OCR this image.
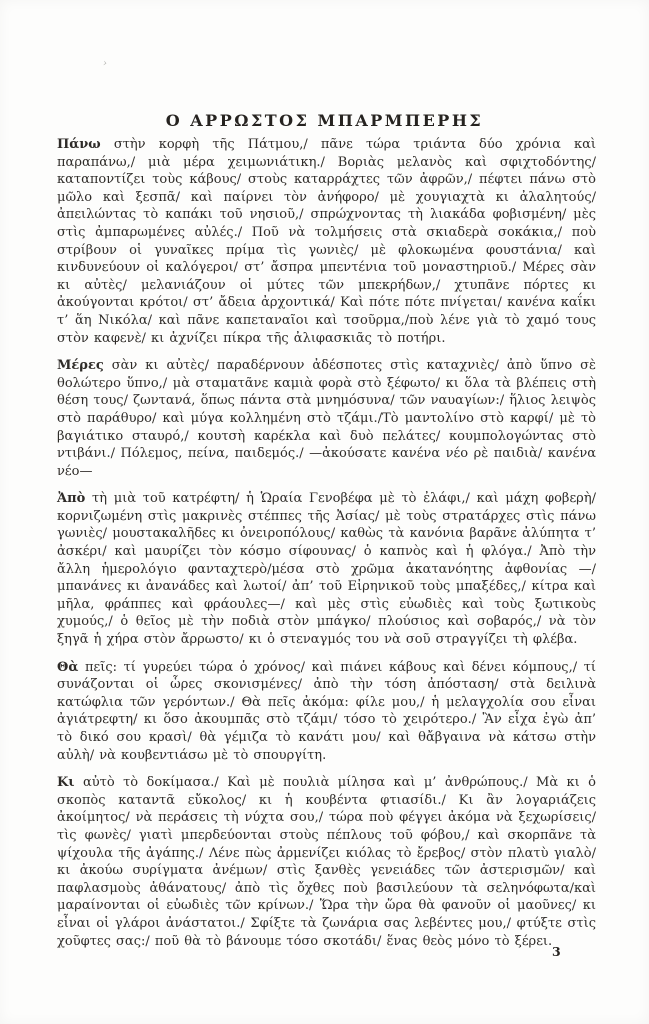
›
Ο ΑΡΡΩΣΤΟΣ ΜΠΑΡΜΠΕΡΗΣ

Πάνω στὴν κορφὴ τῆς Πάτμου,/ πᾶνε τώρα τριάντα δύο χρόνια καὶ παραπάνω,/ μιὰ μέρα χειμωνιάτικη./ Βοριὰς μελανὸς καὶ σφιχτοδόντης/ καταποντίζει τοὺς κάβους/ στοὺς καταρράχτες τῶν ἀφρῶν,/ πέφτει πάνω στὸ μῶλο καὶ ξεσπᾶ/ καὶ παίρνει τὸν ἀνήφορο/ μὲ χουγιαχτὰ κι ἀλαλητούς/ ἀπειλώντας τὸ καπάκι τοῦ νησιοῦ,/ σπρώχνοντας τὴ λιακάδα φοβισμένη/ μὲς στὶς ἀμπαρωμένες αὐλές./ Ποῦ νὰ τολμήσεις στὰ σκιαδερὰ σοκάκια,/ ποὺ στρίβουν οἱ γυναῖκες πρίμα τὶς γωνιὲς/ μὲ φλοκωμένα φουστάνια/ καὶ κινδυνεύουν οἱ καλόγεροι/ στ’ ἄσπρα μπεντένια τοῦ μοναστηριοῦ./ Μέρες σὰν κι αὐτὲς/ μελανιάζουν οἱ μύτες τῶν μπεκρήδων,/ χτυπᾶνε πόρτες κι ἀκούγονται κρότοι/ στ’ ἄδεια ἀρχοντικά/ Καὶ πότε πότε πνίγεται/ κανένα καΐκι τ’ ἅη Νικόλα/ καὶ πᾶνε καπεταναῖοι καὶ τσοῦρμα,/ποὺ λένε γιὰ τὸ χαμό τους στὸν καφενὲ/ κι ἀχνίζει πίκρα τῆς ἀλιφασκιᾶς τὸ ποτήρι.

Μέρες σὰν κι αὐτὲς/ παραδέρνουν ἀδέσποτες στὶς καταχνιὲς/ ἀπὸ ὕπνο σὲ θολώτερο ὕπνο,/ μὰ σταματᾶνε καμιὰ φορὰ στὸ ξέφωτο/ κι ὅλα τὰ βλέπεις στὴ θέση τους/ ζωντανά, ὅπως πάντα στὰ μνημόσυνα/ τῶν ναυαγίων:/ ἥλιος λειψὸς στὸ παράθυρο/ καὶ μύγα κολλημένη στὸ τζάμι./Τὸ μαντολίνο στὸ καρφί/ μὲ τὸ βαγιάτικο σταυρό,/ κουτσὴ καρέκλα καὶ δυὸ πελάτες/ κουμπολογώντας στὸ ντιβάνι./ Πόλεμος, πείνα, παιδεμός./ —ἀκούσατε κανένα νέο ρὲ παιδιὰ/ κανένα νέο—

Ἀπὸ τὴ μιὰ τοῦ κατρέφτη/ ἡ Ὡραία Γενοβέφα μὲ τὸ ἐλάφι,/ καὶ μάχη φοβερὴ/ κορνιζωμένη στὶς μακρινὲς στέππες τῆς Ἀσίας/ μὲ τοὺς στρατάρχες στὶς πάνω γωνιὲς/ μουστακαλῆδες κι ὀνειροπόλους/ καθὼς τὰ κανόνια βαρᾶνε ἀλύπητα τ’ ἀσκέρι/ καὶ μαυρίζει τὸν κόσμο σίφουνας/ ὁ καπνὸς καὶ ἡ φλόγα./ Ἀπὸ τὴν ἄλλη ἡμερολόγιο φανταχτερὸ/μέσα στὸ χρῶμα ἀκατανόητης ἀφθονίας —/ μπανάνες κι ἀνανάδες καὶ λωτοί/ ἀπ’ τοῦ Εἰρηνικοῦ τοὺς μπαξέδες,/ κίτρα καὶ μῆλα, φράππες καὶ φράουλες—/ καὶ μὲς στὶς εὐωδιὲς καὶ τοὺς ξωτικοὺς χυμούς,/ ὁ θεῖος μὲ τὴν ποδιὰ στὸν μπάγκο/ πλούσιος καὶ σοβαρός,/ νὰ τὸν ξηγᾶ ἡ χήρα στὸν ἄρρωστο/ κι ὁ στεναγμός του νὰ σοῦ στραγγίζει τὴ φλέβα.

Θὰ πεῖς: τί γυρεύει τώρα ὁ χρόνος/ καὶ πιάνει κάβους καὶ δένει κόμπους,/ τί συνάζονται οἱ ὧρες σκονισμένες/ ἀπὸ τὴν τόση ἀπόσταση/ στὰ δειλινὰ κατώφλια τῶν γερόντων./ Θὰ πεῖς ἀκόμα: φίλε μου,/ ἡ μελαγχολία σου εἶναι ἀγιάτρεφτη/ κι ὅσο ἀκουμπᾶς στὸ τζάμι/ τόσο τὸ χειρότερο./ Ἂν εἶχα ἐγὼ ἀπ’ τὸ δικό σου κρασὶ/ θὰ γέμιζα τὸ κανάτι μου/ καὶ θἄβγαινα νὰ κάτσω στὴν αὐλὴ/ νὰ κουβεντιάσω μὲ τὸ σπουργίτη.

Κι αὐτὸ τὸ δοκίμασα./ Καὶ μὲ πουλιὰ μίλησα καὶ μ’ ἀνθρώπους./ Μὰ κι ὁ σκοπὸς καταντᾶ εὔκολος/ κι ἡ κουβέντα φτιασίδι./ Κι ἂν λογαριάζεις ἀκοίμητος/ νὰ περάσεις τὴ νύχτα σου,/ τώρα ποὺ φέγγει ἀκόμα νὰ ξεχωρίσεις/ τὶς φωνὲς/ γιατὶ μπερδεύονται στοὺς πέπλους τοῦ φόβου,/ καὶ σκορπᾶνε τὰ ψίχουλα τῆς ἀγάπης./ Λένε πὼς ἀρμενίζει κιόλας τὸ ἔρεβος/ στὸν πλατὺ γιαλὸ/ κι ἀκούω συρίγματα ἀνέμων/ στὶς ξανθὲς γενειάδες τῶν ἀστερισμῶν/ καὶ παφλασμοὺς ἀθάνατους/ ἀπὸ τὶς ὄχθες ποὺ βασιλεύουν τὰ σεληνόφωτα/καὶ μαραίνονται οἱ εὐωδιὲς τῶν κρίνων./ Ὥρα τὴν ὥρα θὰ φανοῦν οἱ μαοῦνες/ κι εἶναι οἱ γλάροι ἀνάστατοι./ Σφίξτε τὰ ζωνάρια σας λεβέντες μου,/ φτύξτε στὶς χοῦφτες σας:/ ποῦ θὰ τὸ βάνουμε τόσο σκοτάδι/ ἕνας θεὸς μόνο τὸ ξέρει.

3
